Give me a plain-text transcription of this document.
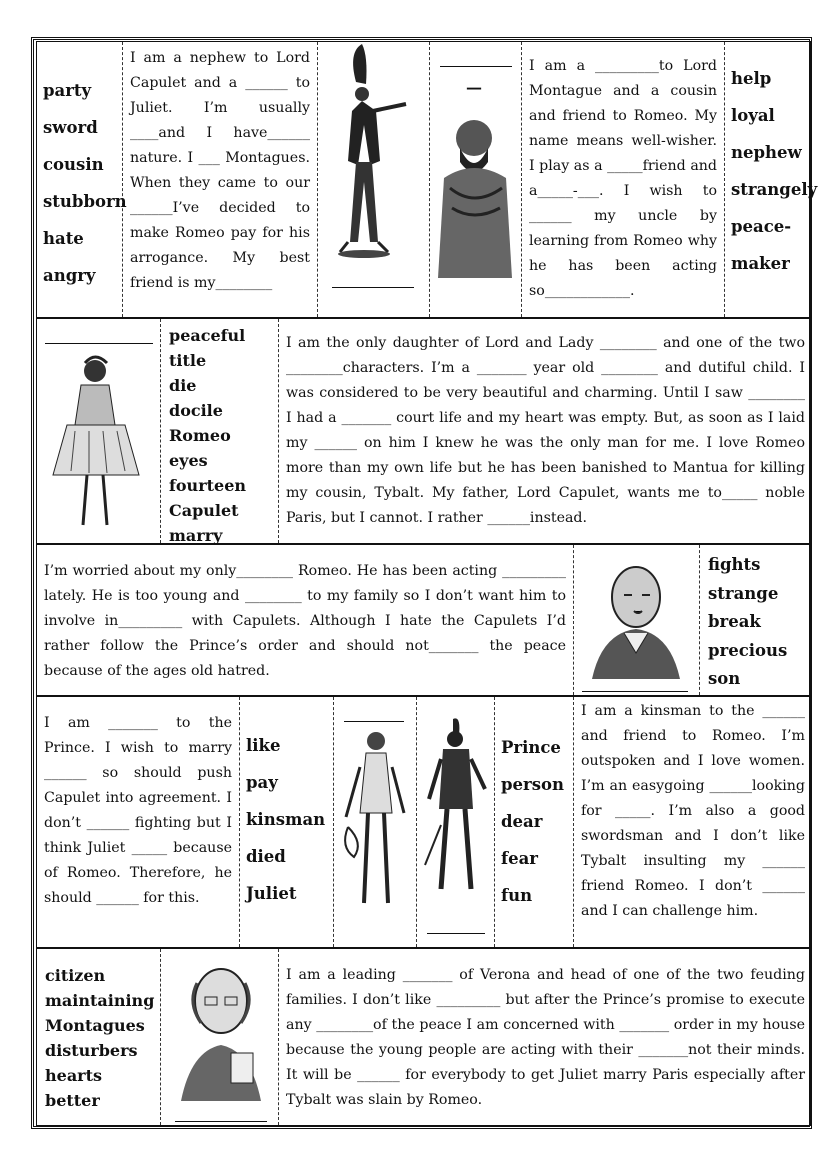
party
sword
cousin
stubborn
hate
angry
I am a nephew to Lord Capulet and a ______ to Juliet. I’m usually ____and I have______ nature. I ___ Montagues. When they came to our ______I’ve decided to make Romeo pay for his arrogance. My best friend is my________
—
I am a _________to Lord Montague and a cousin and friend to Romeo. My name means well-wisher. I play as a _____friend and a_____-___. I wish to ______ my uncle by learning from Romeo why he has been acting so____________.
help
loyal
nephew
strangely
peace-
maker
peaceful
title
die
docile
Romeo
eyes
fourteen
Capulet
marry
I am the only daughter of Lord and Lady ________ and one of the two ________characters. I’m a _______ year old ________ and dutiful child. I was considered to be very beautiful and charming. Until I saw ________ I had a _______ court life and my heart was empty. But, as soon as I laid my ______ on him I knew he was the only man for me. I love Romeo more than my own life but he has been banished to Mantua for killing my cousin, Tybalt. My father, Lord Capulet, wants me to_____ noble Paris, but I cannot. I rather ______instead.
I’m worried about my only________ Romeo. He has been acting _________ lately. He is too young and ________ to my family so I don’t want him to involve in_________ with Capulets. Although I hate the Capulets I’d rather follow the Prince’s order and should not_______ the peace because of the ages old hatred.
fights
strange
break
precious
son
I am _______ to the Prince. I wish to marry ______ so should push Capulet into agreement. I don’t ______ fighting but I think Juliet _____ because of Romeo. Therefore, he should ______ for this.
like
pay
kinsman
died
Juliet
Prince
person
dear
fear
fun
I am a kinsman to the ______ and friend to Romeo. I’m outspoken and I love women. I’m an easygoing ______looking for _____. I’m also a good swordsman and I don’t like Tybalt insulting my ______ friend Romeo. I don’t ______ and I can challenge him.
citizen
maintaining
Montagues
disturbers
hearts
better
I am a leading _______ of Verona and head of one of the two feuding families. I don’t like _________ but after the Prince’s promise to execute any ________of the peace I am concerned with _______ order in my house because the young people are acting with their _______not their minds. It will be ______ for everybody to get Juliet marry Paris especially after Tybalt was slain by Romeo.
